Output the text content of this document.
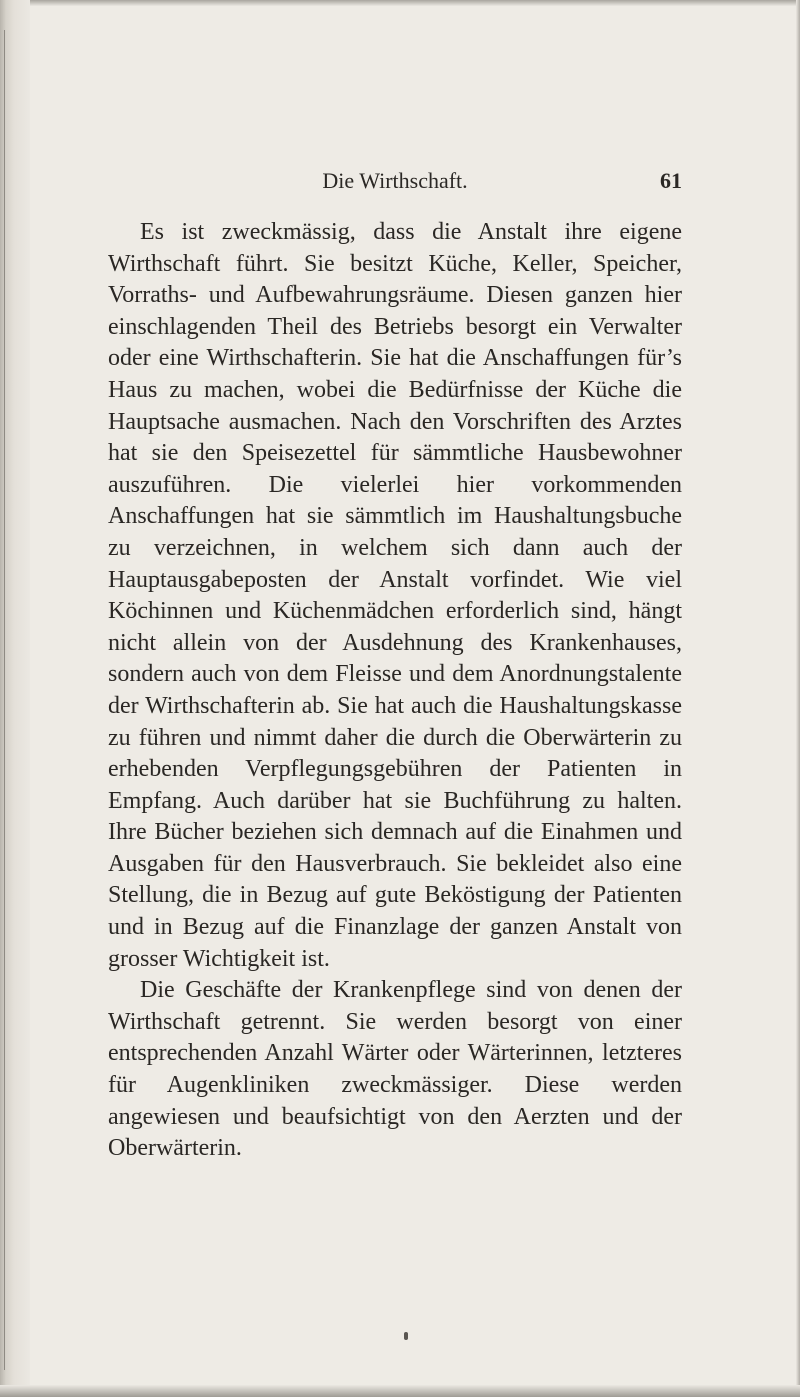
Die Wirthschaft.	61

Es ist zweckmässig, dass die Anstalt ihre eigene Wirthschaft führt. Sie besitzt Küche, Keller, Speicher, Vorraths- und Aufbewahrungsräume. Diesen ganzen hier einschlagenden Theil des Betriebs besorgt ein Verwalter oder eine Wirthschafterin. Sie hat die Anschaffungen für’s Haus zu machen, wobei die Bedürfnisse der Küche die Hauptsache ausmachen. Nach den Vorschriften des Arztes hat sie den Speisezettel für sämmtliche Hausbewohner auszuführen. Die vielerlei hier vorkommenden Anschaffungen hat sie sämmtlich im Haushaltungsbuche zu verzeichnen, in welchem sich dann auch der Hauptausgabeposten der Anstalt vorfindet. Wie viel Köchinnen und Küchenmädchen erforderlich sind, hängt nicht allein von der Ausdehnung des Krankenhauses, sondern auch von dem Fleisse und dem Anordnungstalente der Wirthschafterin ab. Sie hat auch die Haushaltungskasse zu führen und nimmt daher die durch die Oberwärterin zu erhebenden Verpflegungsgebühren der Patienten in Empfang. Auch darüber hat sie Buchführung zu halten. Ihre Bücher beziehen sich demnach auf die Einahmen und Ausgaben für den Hausverbrauch. Sie bekleidet also eine Stellung, die in Bezug auf gute Beköstigung der Patienten und in Bezug auf die Finanzlage der ganzen Anstalt von grosser Wichtigkeit ist.

Die Geschäfte der Krankenpflege sind von denen der Wirthschaft getrennt. Sie werden besorgt von einer entsprechenden Anzahl Wärter oder Wärterinnen, letzteres für Augenkliniken zweckmässiger. Diese werden angewiesen und beaufsichtigt von den Aerzten und der Oberwärterin.
